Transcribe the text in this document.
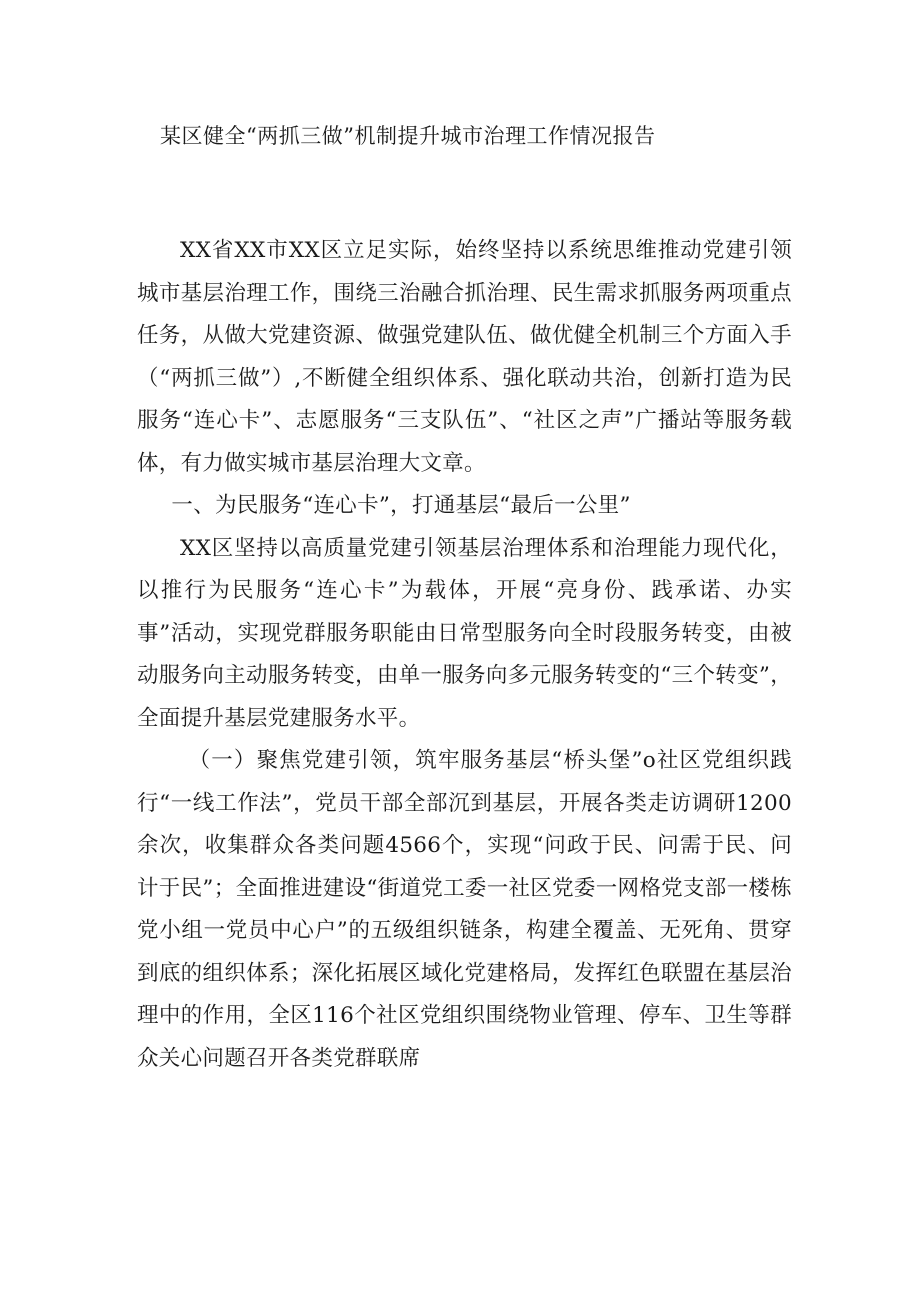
某区健全“两抓三做”机制提升城市治理工作情况报告

XX省XX市XX区立足实际，始终坚持以系统思维推动党建引领城市基层治理工作，围绕三治融合抓治理、民生需求抓服务两项重点任务，从做大党建资源、做强党建队伍、做优健全机制三个方面入手（“两抓三做”）,不断健全组织体系、强化联动共治，创新打造为民服务“连心卡”、志愿服务“三支队伍”、“社区之声”广播站等服务载体，有力做实城市基层治理大文章。

一、为民服务“连心卡”，打通基层“最后一公里”

XX区坚持以高质量党建引领基层治理体系和治理能力现代化，以推行为民服务“连心卡”为载体，开展“亮身份、践承诺、办实事”活动，实现党群服务职能由日常型服务向全时段服务转变，由被动服务向主动服务转变，由单一服务向多元服务转变的“三个转变”，全面提升基层党建服务水平。

（一）聚焦党建引领，筑牢服务基层“桥头堡”o社区党组织践行“一线工作法”，党员干部全部沉到基层，开展各类走访调研1200余次，收集群众各类问题4566个，实现“问政于民、问需于民、问计于民”；全面推进建设“街道党工委一社区党委一网格党支部一楼栋党小组一党员中心户”的五级组织链条，构建全覆盖、无死角、贯穿到底的组织体系；深化拓展区域化党建格局，发挥红色联盟在基层治理中的作用，全区116个社区党组织围绕物业管理、停车、卫生等群众关心问题召开各类党群联席
